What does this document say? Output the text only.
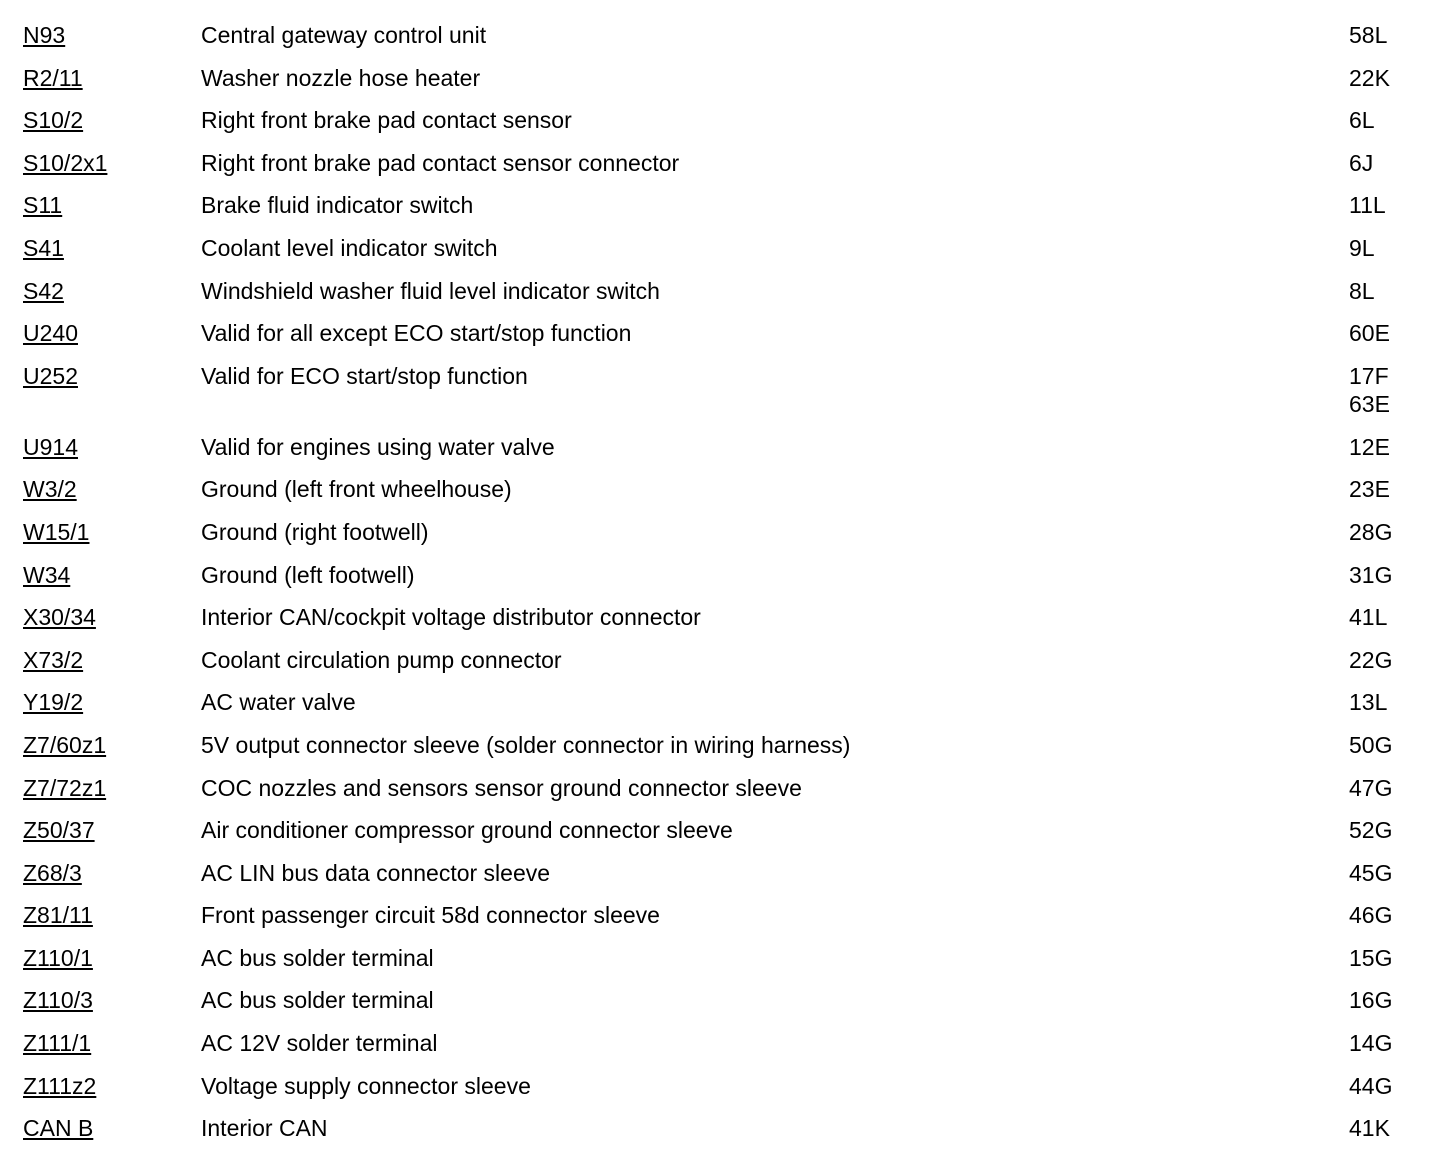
N93	Central gateway control unit	58L
R2/11	Washer nozzle hose heater	22K
S10/2	Right front brake pad contact sensor	6L
S10/2x1	Right front brake pad contact sensor connector	6J
S11	Brake fluid indicator switch	11L
S41	Coolant level indicator switch	9L
S42	Windshield washer fluid level indicator switch	8L
U240	Valid for all except ECO start/stop function	60E
U252	Valid for ECO start/stop function	17F
63E
U914	Valid for engines using water valve	12E
W3/2	Ground (left front wheelhouse)	23E
W15/1	Ground (right footwell)	28G
W34	Ground (left footwell)	31G
X30/34	Interior CAN/cockpit voltage distributor connector	41L
X73/2	Coolant circulation pump connector	22G
Y19/2	AC water valve	13L
Z7/60z1	5V output connector sleeve (solder connector in wiring harness)	50G
Z7/72z1	COC nozzles and sensors sensor ground connector sleeve	47G
Z50/37	Air conditioner compressor ground connector sleeve	52G
Z68/3	AC LIN bus data connector sleeve	45G
Z81/11	Front passenger circuit 58d connector sleeve	46G
Z110/1	AC bus solder terminal	15G
Z110/3	AC bus solder terminal	16G
Z111/1	AC 12V solder terminal	14G
Z111z2	Voltage supply connector sleeve	44G
CAN B	Interior CAN	41K
